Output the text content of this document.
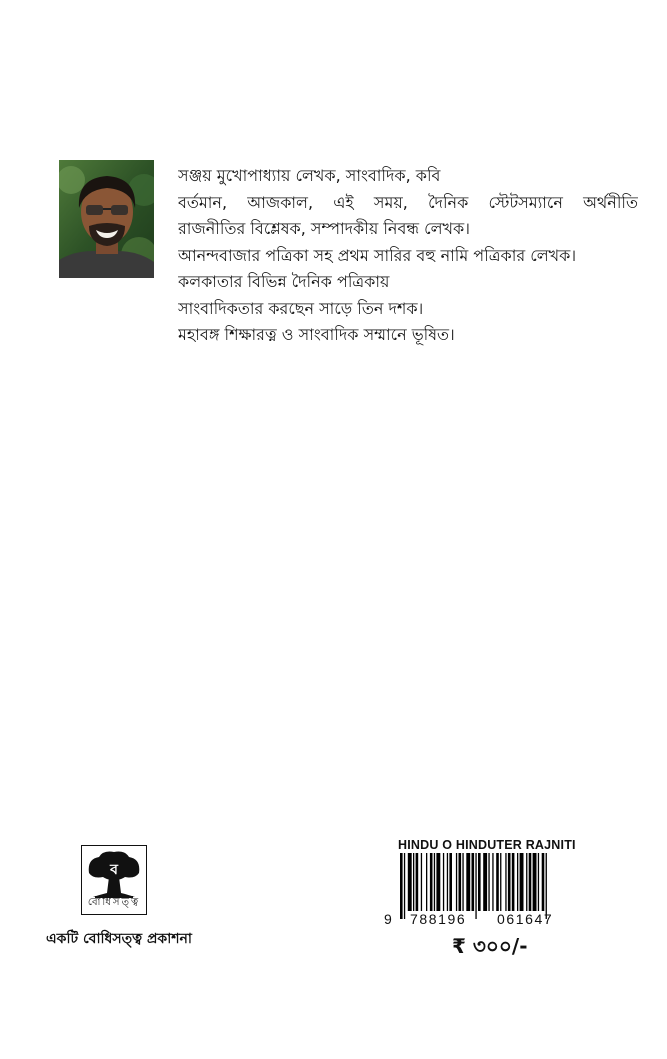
সঞ্জয় মুখোপাধ্যায় লেখক, সাংবাদিক, কবি
বর্তমান, আজকাল, এই সময়, দৈনিক স্টেটসম্যানে অর্থনীতি
রাজনীতির বিশ্লেষক, সম্পাদকীয় নিবন্ধ লেখক।
আনন্দবাজার পত্রিকা সহ প্রথম সারির বহু নামি পত্রিকার লেখক।
কলকাতার বিভিন্ন দৈনিক পত্রিকায়
সাংবাদিকতার করছেন সাড়ে তিন দশক।
মহাবঙ্গ শিক্ষারত্ন ও সাংবাদিক সম্মানে ভূষিত।
ব
বোধিসত্ত্ব
একটি বোধিসত্ত্ব প্রকাশনা
HINDU O HINDUTER RAJNITI
9 788196 061647
₹ ৩০০/-
